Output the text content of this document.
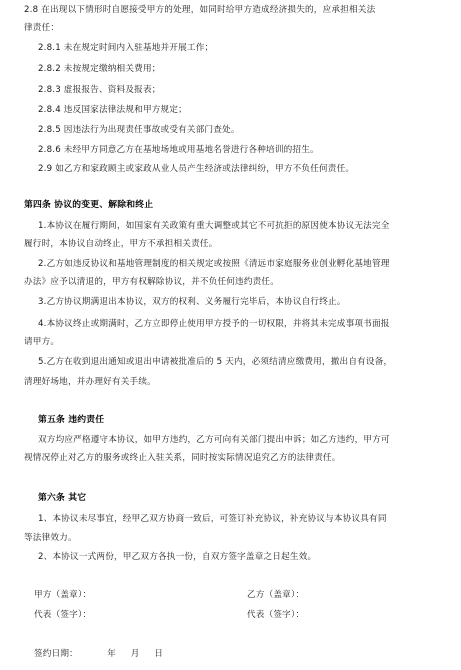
2.8 在出现以下情形时自愿接受甲方的处理，如同时给甲方造成经济损失的，应承担相关法
律责任：
2.8.1 未在规定时间内入驻基地并开展工作；
2.8.2 未按规定缴纳相关费用；
2.8.3 虚报报告、资料及报表；
2.8.4 违反国家法律法规和甲方规定；
2.8.5 因违法行为出现责任事故或受有关部门查处。
2.8.6 未经甲方同意乙方在基地场地或用基地名誉进行各种培训的招生。
2.9 如乙方和家政顾主或家政从业人员产生经济或法律纠纷，甲方不负任何责任。
第四条 协议的变更、解除和终止
1.本协议在履行期间，如国家有关政策有重大调整或其它不可抗拒的原因使本协议无法完全
履行时，本协议自动终止，甲方不承担相关责任。
2.乙方如违反协议和基地管理制度的相关规定或按照《清远市家庭服务业创业孵化基地管理
办法》应予以清退的，甲方有权解除协议，并不负任何违约责任。
3.乙方协议期满退出本协议，双方的权利、义务履行完毕后，本协议自行终止。
4.本协议终止或期满时，乙方立即停止使用甲方授予的一切权限，并将其未完成事项书面报
请甲方。
5.乙方在收到退出通知或退出申请被批准后的 5 天内，必须结清应缴费用，撤出自有设备，
清理好场地，并办理好有关手续。
第五条 违约责任
双方均应严格遵守本协议，如甲方违约，乙方可向有关部门提出申诉；如乙方违约，甲方可
视情况停止对乙方的服务或终止入驻关系，同时按实际情况追究乙方的法律责任。
第六条 其它
1、本协议未尽事宜，经甲乙双方协商一致后，可签订补充协议，补充协议与本协议具有同
等法律效力。
2、本协议一式两份，甲乙双方各执一份，自双方签字盖章之日起生效。
甲方（盖章）：	乙方（盖章）：
代表（签字）：	代表（签字）：
签约日期：          年     月     日
